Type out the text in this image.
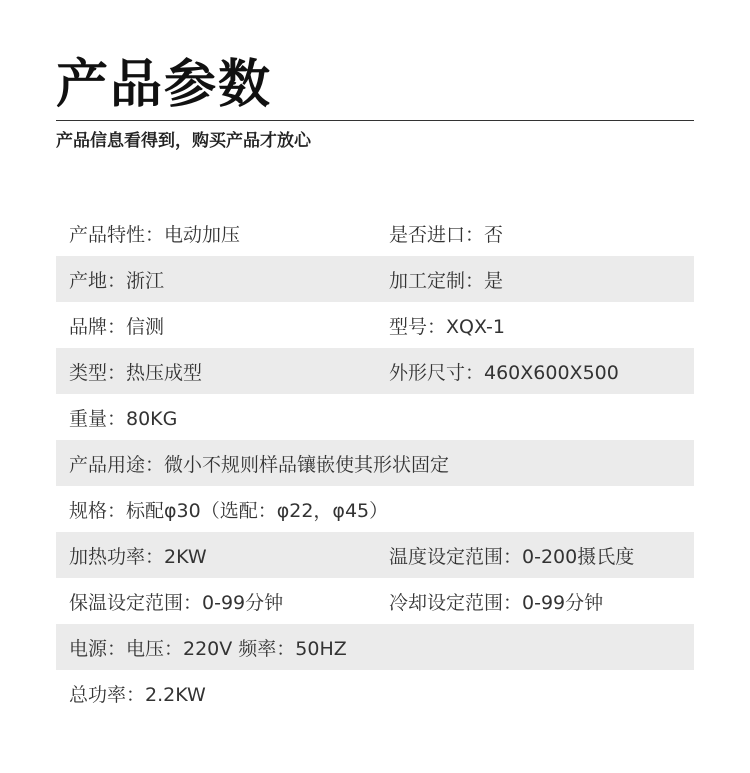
产品参数
产品信息看得到，购买产品才放心
产品特性：电动加压	是否进口：否
产地：浙江	加工定制：是
品牌：信测	型号：XQX-1
类型：热压成型	外形尺寸：460X600X500
重量：80KG
产品用途：微小不规则样品镶嵌使其形状固定
规格：标配φ30（选配：φ22，φ45）
加热功率：2KW	温度设定范围：0-200摄氏度
保温设定范围：0-99分钟	冷却设定范围：0-99分钟
电源：电压：220V 频率：50HZ
总功率：2.2KW
